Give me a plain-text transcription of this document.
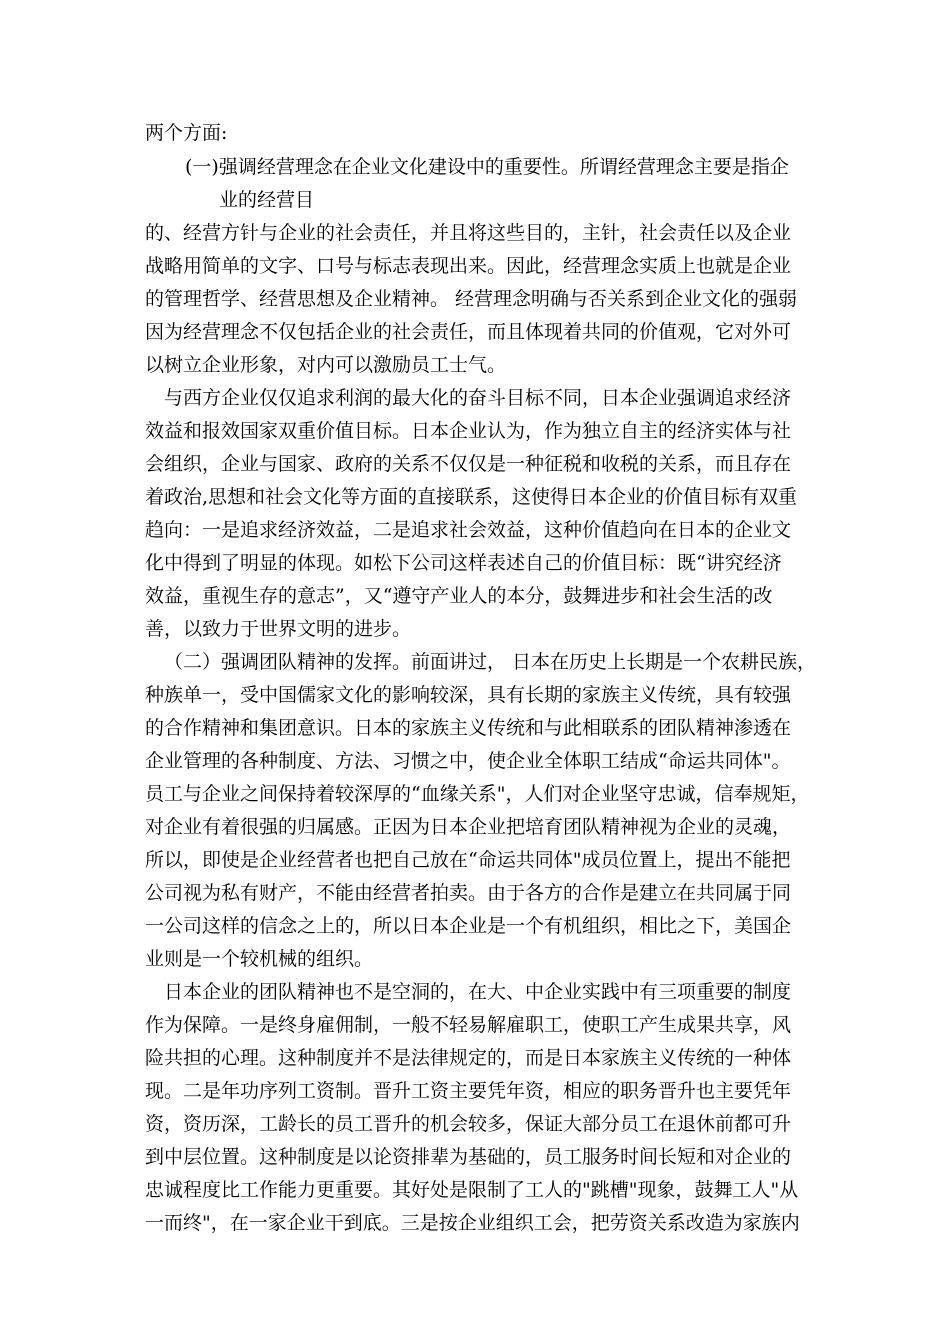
两个方面:
(一)强调经营理念在企业文化建设中的重要性。所谓经营理念主要是指企
业的经营目
的、经营方针与企业的社会责任，并且将这些目的，主针，社会责任以及企业
战略用简单的文字、口号与标志表现出来。因此，经营理念实质上也就是企业
的管理哲学、经营思想及企业精神。 经营理念明确与否关系到企业文化的强弱
因为经营理念不仅包括企业的社会责任，而且体现着共同的价值观，它对外可
以树立企业形象，对内可以激励员工士气。
与西方企业仅仅追求利润的最大化的奋斗目标不同，日本企业强调追求经济
效益和报效国家双重价值目标。日本企业认为，作为独立自主的经济实体与社
会组织，企业与国家、政府的关系不仅仅是一种征税和收税的关系，而且存在
着政治,思想和社会文化等方面的直接联系，这使得日本企业的价值目标有双重
趋向：一是追求经济效益，二是追求社会效益，这种价值趋向在日本的企业文
化中得到了明显的体现。如松下公司这样表述自己的价值目标：既“讲究经济
效益，重视生存的意志”，又“遵守产业人的本分，鼓舞进步和社会生活的改
善，以致力于世界文明的进步。
（二）强调团队精神的发挥。前面讲过， 日本在历史上长期是一个农耕民族，
种族单一，受中国儒家文化的影响较深，具有长期的家族主义传统，具有较强
的合作精神和集团意识。日本的家族主义传统和与此相联系的团队精神渗透在
企业管理的各种制度、方法、习惯之中，使企业全体职工结成“命运共同体"。
员工与企业之间保持着较深厚的“血缘关系"，人们对企业坚守忠诚，信奉规矩，
对企业有着很强的归属感。正因为日本企业把培育团队精神视为企业的灵魂，
所以，即使是企业经营者也把自己放在“命运共同体"成员位置上，提出不能把
公司视为私有财产，不能由经营者拍卖。由于各方的合作是建立在共同属于同
一公司这样的信念之上的，所以日本企业是一个有机组织，相比之下，美国企
业则是一个较机械的组织。
日本企业的团队精神也不是空洞的，在大、中企业实践中有三项重要的制度
作为保障。一是终身雇佣制，一般不轻易解雇职工，使职工产生成果共享，风
险共担的心理。这种制度并不是法律规定的，而是日本家族主义传统的一种体
现。二是年功序列工资制。晋升工资主要凭年资，相应的职务晋升也主要凭年
资，资历深，工龄长的员工晋升的机会较多，保证大部分员工在退休前都可升
到中层位置。这种制度是以论资排辈为基础的，员工服务时间长短和对企业的
忠诚程度比工作能力更重要。其好处是限制了工人的"跳槽"现象，鼓舞工人"从
一而终"，在一家企业干到底。三是按企业组织工会，把劳资关系改造为家族内
